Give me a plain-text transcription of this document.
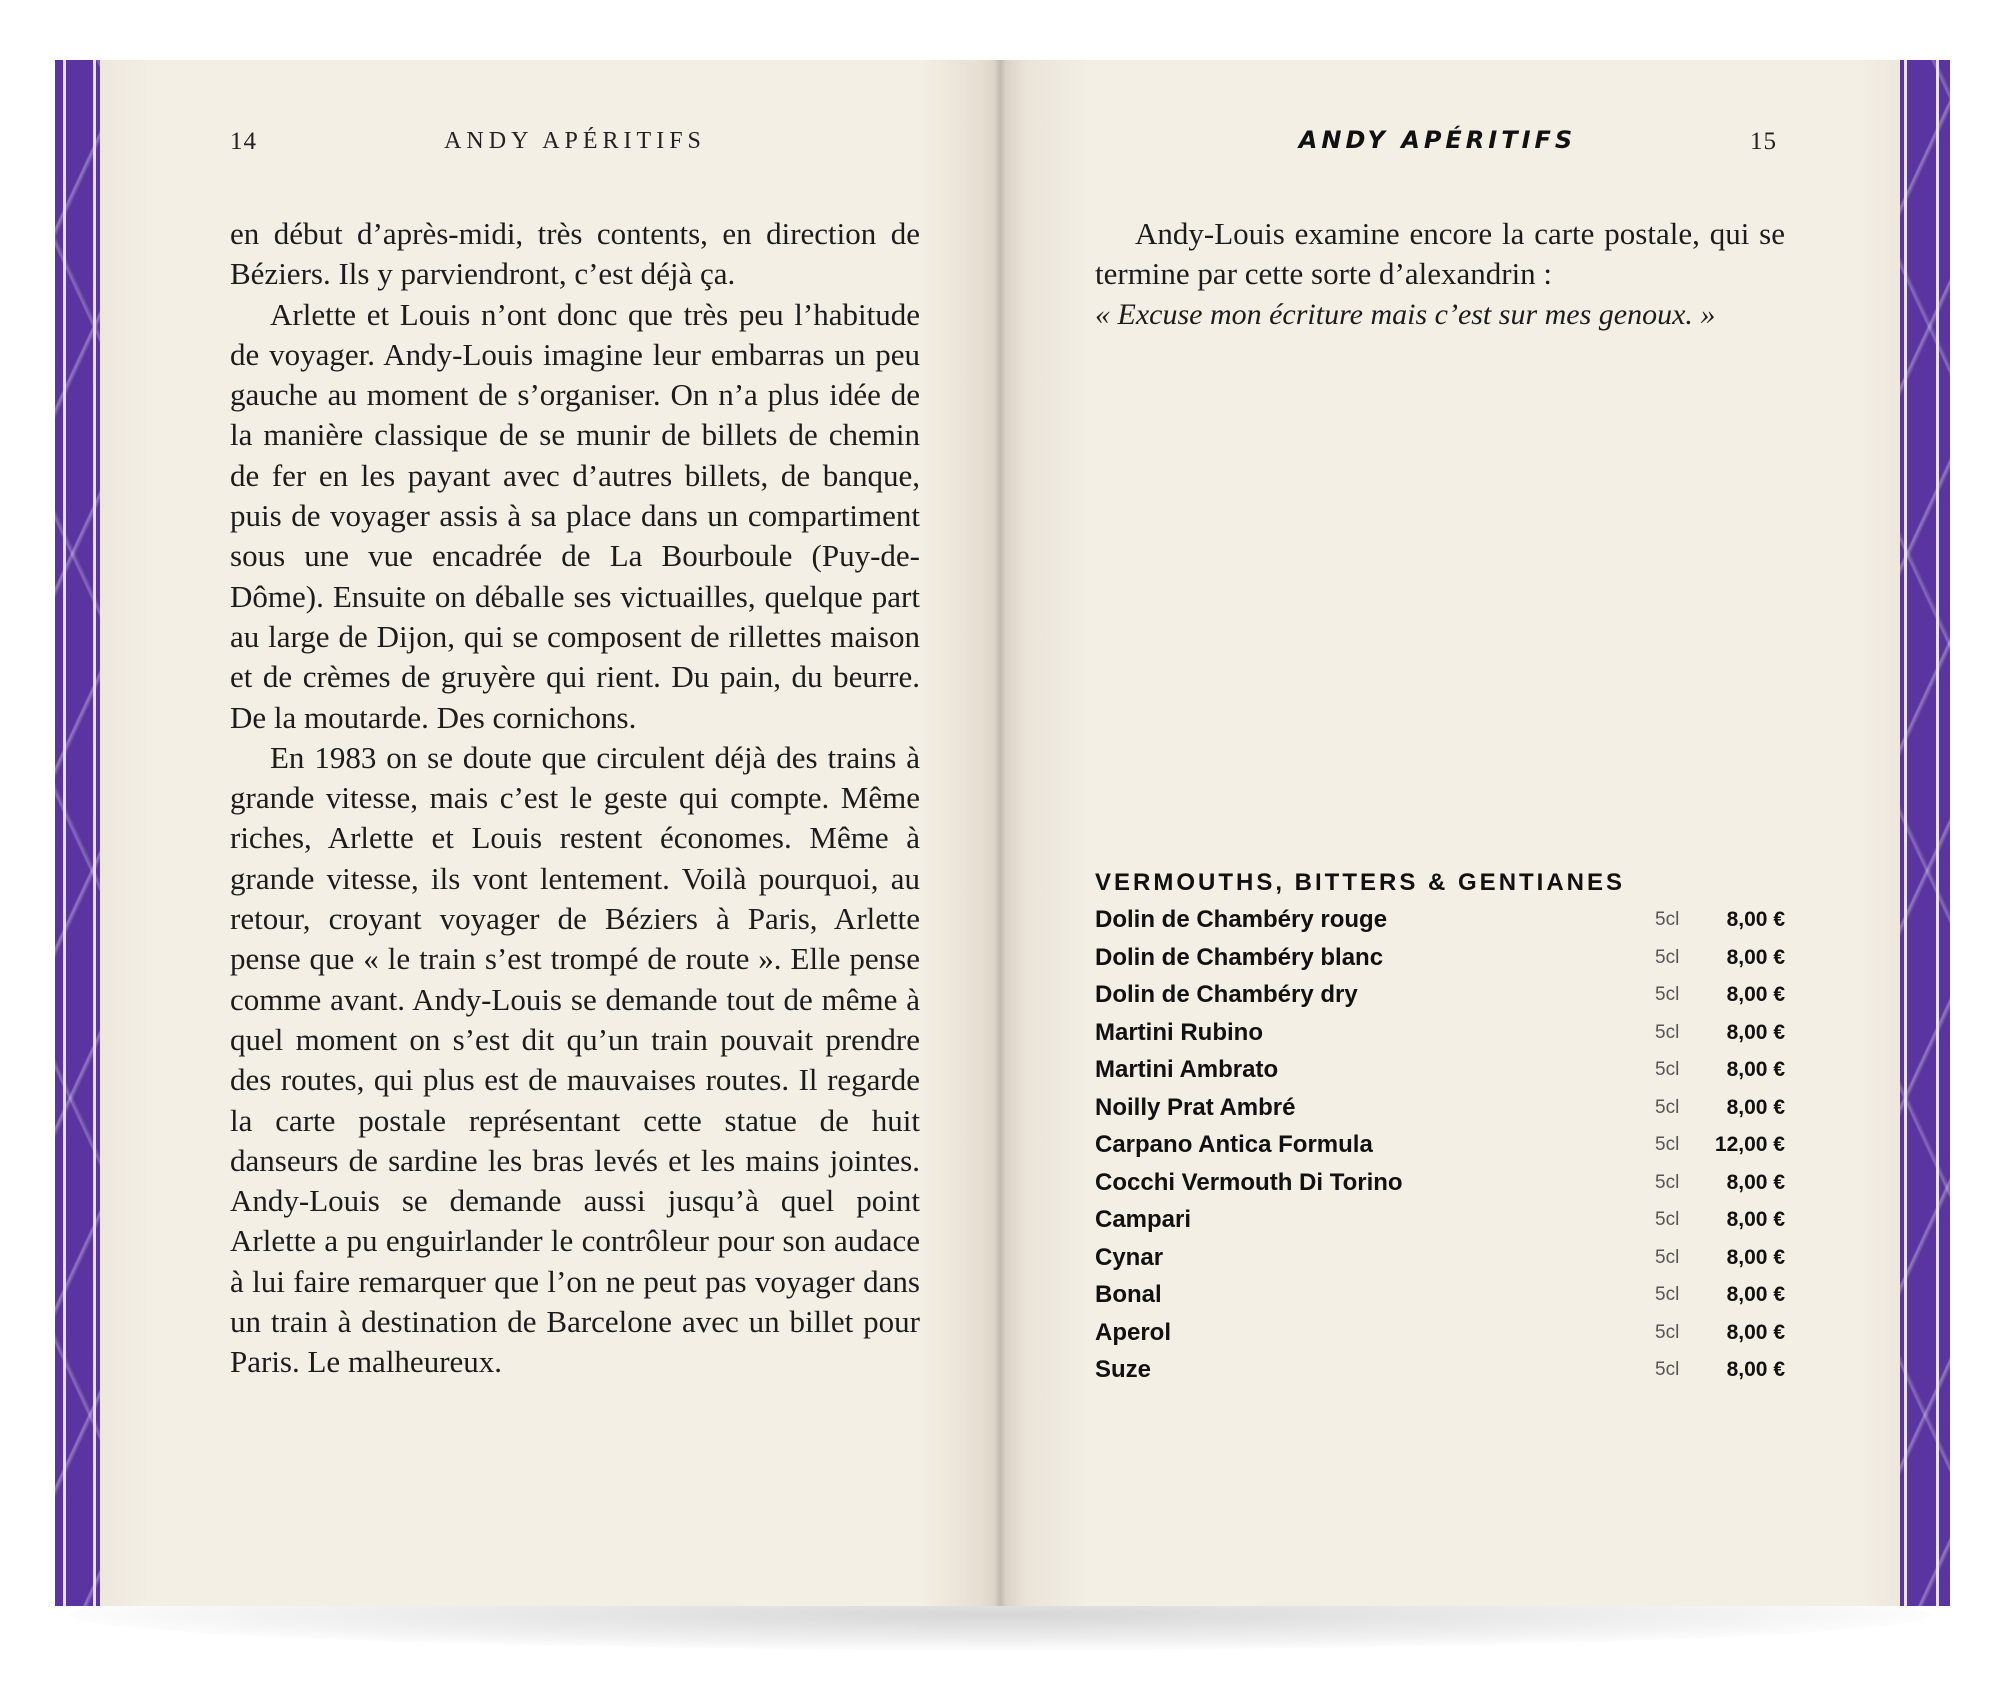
14	ANDY APÉRITIFS

en début d’après-midi, très contents, en direction de Béziers. Ils y parviendront, c’est déjà ça.

Arlette et Louis n’ont donc que très peu l’habitude de voyager. Andy-Louis imagine leur embarras un peu gauche au moment de s’organiser. On n’a plus idée de la manière classique de se munir de billets de chemin de fer en les payant avec d’autres billets, de banque, puis de voyager assis à sa place dans un compartiment sous une vue encadrée de La Bourboule (Puy-de-Dôme). Ensuite on déballe ses victuailles, quelque part au large de Dijon, qui se composent de rillettes maison et de crèmes de gruyère qui rient. Du pain, du beurre. De la moutarde. Des cornichons.

En 1983 on se doute que circulent déjà des trains à grande vitesse, mais c’est le geste qui compte. Même riches, Arlette et Louis restent économes. Même à grande vitesse, ils vont lentement. Voilà pourquoi, au retour, croyant voyager de Béziers à Paris, Arlette pense que « le train s’est trompé de route ». Elle pense comme avant. Andy-Louis se demande tout de même à quel moment on s’est dit qu’un train pouvait prendre des routes, qui plus est de mauvaises routes. Il regarde la carte postale représentant cette statue de huit danseurs de sardine les bras levés et les mains jointes. Andy-Louis se demande aussi jusqu’à quel point Arlette a pu enguirlander le contrôleur pour son audace à lui faire remarquer que l’on ne peut pas voyager dans un train à destination de Barcelone avec un billet pour Paris. Le malheureux.

ANDY APÉRITIFS	15

Andy-Louis examine encore la carte postale, qui se termine par cette sorte d’alexandrin :

« Excuse mon écriture mais c’est sur mes genoux. »

VERMOUTHS, BITTERS & GENTIANES
Dolin de Chambéry rouge	5cl	8,00 €
Dolin de Chambéry blanc	5cl	8,00 €
Dolin de Chambéry dry	5cl	8,00 €
Martini Rubino	5cl	8,00 €
Martini Ambrato	5cl	8,00 €
Noilly Prat Ambré	5cl	8,00 €
Carpano Antica Formula	5cl	12,00 €
Cocchi Vermouth Di Torino	5cl	8,00 €
Campari	5cl	8,00 €
Cynar	5cl	8,00 €
Bonal	5cl	8,00 €
Aperol	5cl	8,00 €
Suze	5cl	8,00 €
